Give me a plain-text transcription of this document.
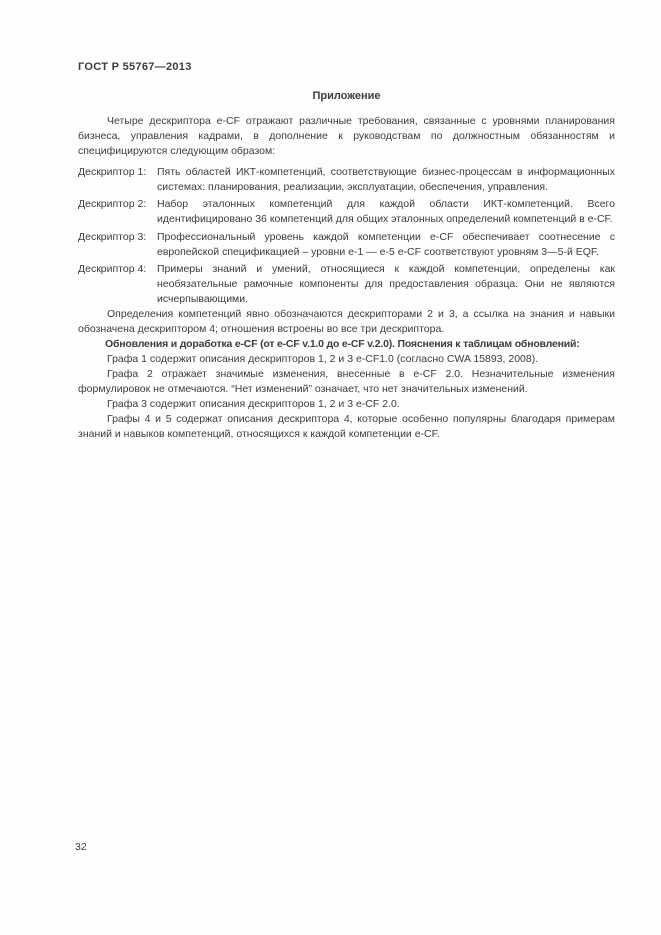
ГОСТ Р 55767—2013
Приложение

Четыре дескриптора e-CF отражают различные требования, связанные с уровнями планирования бизнеса, управления кадрами, в дополнение к руководствам по должностным обязанностям и специфицируются следующим образом:

Дескриптор 1:	Пять областей ИКТ-компетенций, соответствующие бизнес-процессам в информационных системах: планирования, реализации, эксплуатации, обеспечения, управления.
Дескриптор 2:	Набор эталонных компетенций для каждой области ИКТ-компетенций. Всего идентифицировано 36 компетенций для общих эталонных определений компетенций в e-CF.
Дескриптор 3:	Профессиональный уровень каждой компетенции e-CF обеспечивает соотнесение с европейской спецификацией – уровни e-1 — e-5 e-CF соответствуют уровням 3—5-й EQF.
Дескриптор 4:	Примеры знаний и умений, относящиеся к каждой компетенции, определены как необязательные рамочные компоненты для предоставления образца. Они не являются исчерпывающими.

Определения компетенций явно обозначаются дескрипторами 2 и 3, а ссылка на знания и навыки обозначена дескриптором 4; отношения встроены во все три дескриптора.

Обновления и доработка e-CF (от e-CF v.1.0 до e-CF v.2.0). Пояснения к таблицам обновлений:

Графа 1 содержит описания дескрипторов 1, 2 и 3 e-CF1.0 (согласно CWA 15893, 2008).

Графа 2 отражает значимые изменения, внесенные в e-CF 2.0. Незначительные изменения формулировок не отмечаются. “Нет изменений” означает, что нет значительных изменений.

Графа 3 содержит описания дескрипторов 1, 2 и 3 e-CF 2.0.

Графы 4 и 5 содержат описания дескриптора 4, которые особенно популярны благодаря примерам знаний и навыков компетенций, относящихся к каждой компетенции e-CF.

32
